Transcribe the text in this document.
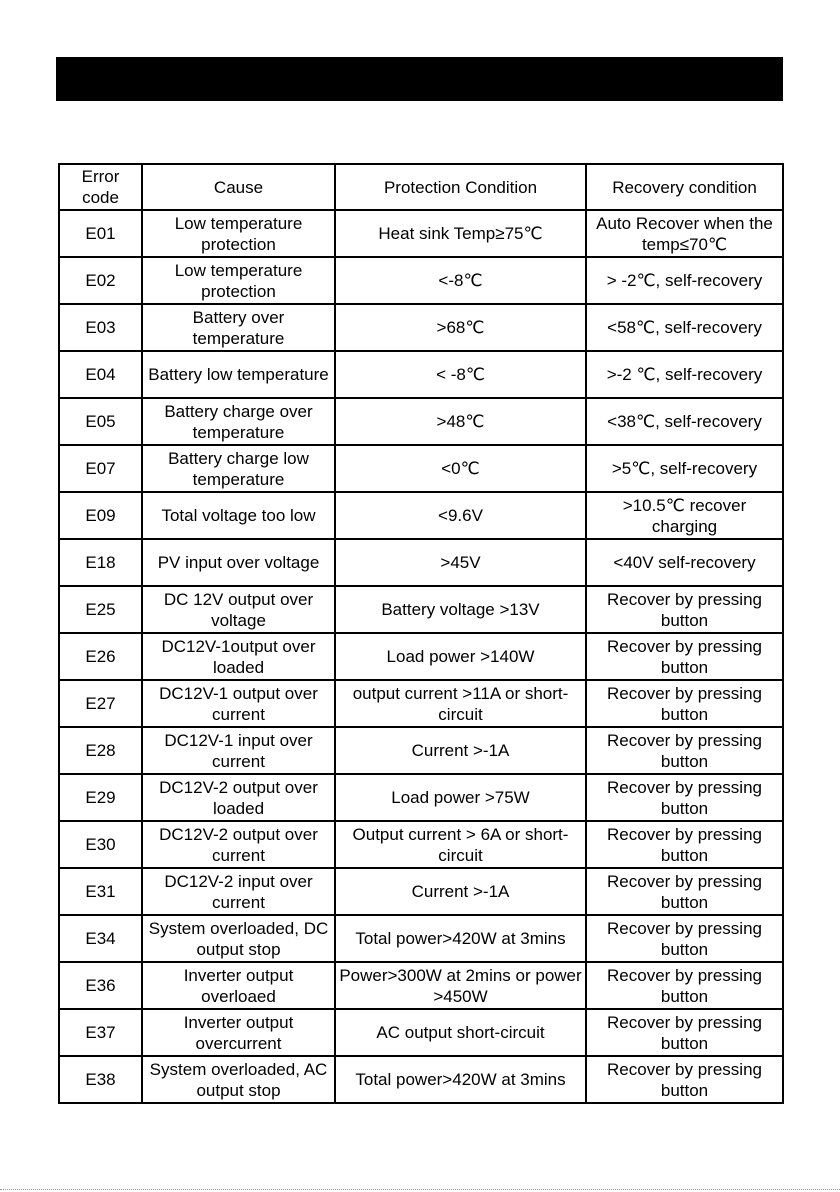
Error code	Cause	Protection Condition	Recovery condition
E01	Low temperature protection	Heat sink Temp≥75℃	Auto Recover when the temp≤70℃
E02	Low temperature protection	<-8℃	> -2℃, self-recovery
E03	Battery over temperature	>68℃	<58℃, self-recovery
E04	Battery low temperature	< -8℃	>-2 ℃, self-recovery
E05	Battery charge over temperature	>48℃	<38℃, self-recovery
E07	Battery charge low temperature	<0℃	>5℃, self-recovery
E09	Total voltage too low	<9.6V	>10.5℃ recover charging
E18	PV input over voltage	>45V	<40V self-recovery
E25	DC 12V output over voltage	Battery voltage >13V	Recover by pressing button
E26	DC12V-1output over loaded	Load power >140W	Recover by pressing button
E27	DC12V-1 output over current	output current >11A or short-circuit	Recover by pressing button
E28	DC12V-1 input over current	Current >-1A	Recover by pressing button
E29	DC12V-2 output over loaded	Load power >75W	Recover by pressing button
E30	DC12V-2 output over current	Output current > 6A or short-circuit	Recover by pressing button
E31	DC12V-2 input over current	Current >-1A	Recover by pressing button
E34	System overloaded, DC output stop	Total power>420W at 3mins	Recover by pressing button
E36	Inverter output overloaed	Power>300W at 2mins or power >450W	Recover by pressing button
E37	Inverter output overcurrent	AC output short-circuit	Recover by pressing button
E38	System overloaded, AC output stop	Total power>420W at 3mins	Recover by pressing button
